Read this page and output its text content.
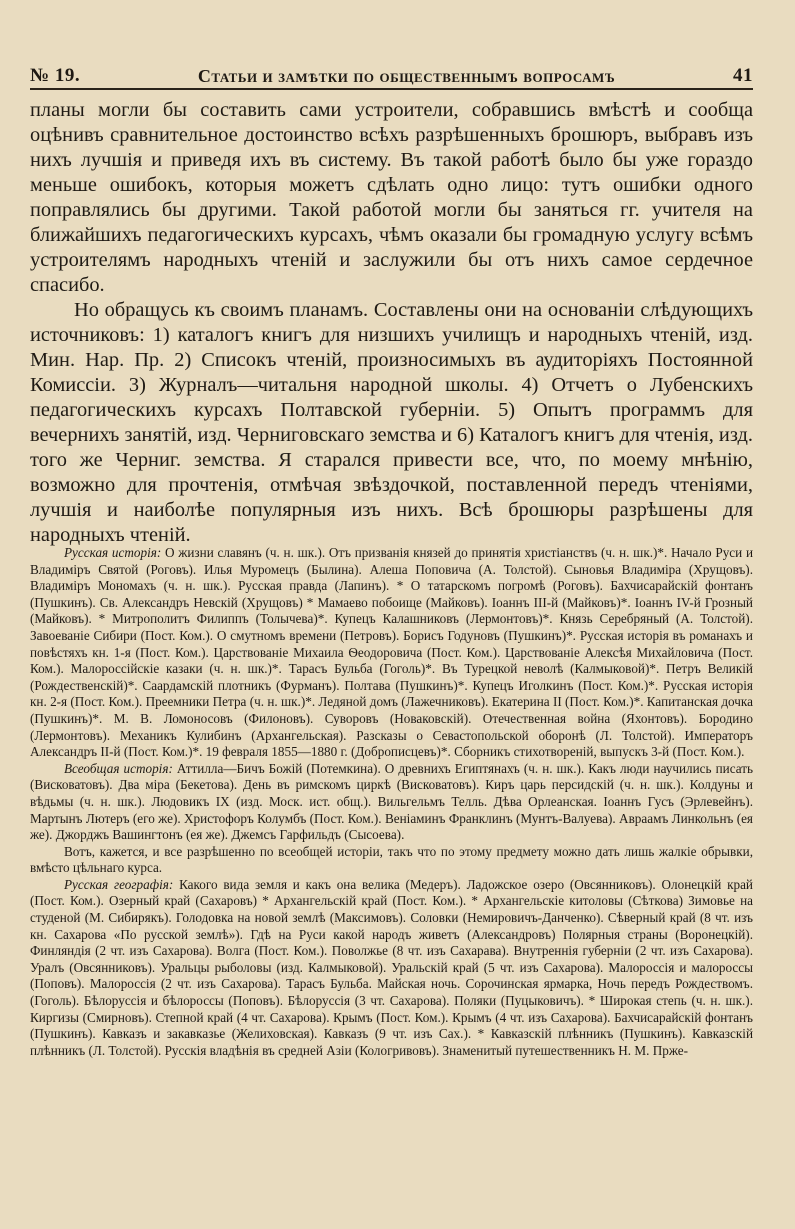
№ 19.	Статьи и замѣтки по общественнымъ вопросамъ	41

планы могли бы составить сами устроители, собравшись вмѣстѣ и сообща оцѣнивъ сравнительное достоинство всѣхъ разрѣшенныхъ брошюръ, выбравъ изъ нихъ лучшія и приведя ихъ въ систему. Въ такой работѣ было бы уже гораздо меньше ошибокъ, которыя можетъ сдѣлать одно лицо: тутъ ошибки одного поправлялись бы другими. Такой работой могли бы заняться гг. учителя на ближайшихъ педагогическихъ курсахъ, чѣмъ оказали бы громадную услугу всѣмъ устроителямъ народныхъ чтеній и заслужили бы отъ нихъ самое сердечное спасибо.

Но обращусь къ своимъ планамъ. Составлены они на основаніи слѣдующихъ источниковъ: 1) каталогъ книгъ для низшихъ училищъ и народныхъ чтеній, изд. Мин. Нар. Пр. 2) Списокъ чтеній, произносимыхъ въ аудиторіяхъ Постоянной Комиссіи. 3) Журналъ—читальня народной школы. 4) Отчетъ о Лубенскихъ педагогическихъ курсахъ Полтавской губерніи. 5) Опытъ программъ для вечернихъ занятій, изд. Черниговскаго земства и 6) Каталогъ книгъ для чтенія, изд. того же Черниг. земства. Я старался привести все, что, по моему мнѣнію, возможно для прочтенія, отмѣчая звѣздочкой, поставленной передъ чтеніями, лучшія и наиболѣе популярныя изъ нихъ. Всѣ брошюры разрѣшены для народныхъ чтеній.

Русская исторія: О жизни славянъ (ч. н. шк.). Отъ призванія князей до принятія христіанствъ (ч. н. шк.)*. Начало Руси и Владиміръ Святой (Роговъ). Илья Муромецъ (Былина). Алеша Поповича (А. Толстой). Сыновья Владиміра (Хрущовъ). Владиміръ Мономахъ (ч. н. шк.). Русская правда (Лапинъ). * О татарскомъ погромѣ (Роговъ). Бахчисарайскій фонтанъ (Пушкинъ). Св. Александръ Невскій (Хрущовъ) * Мамаево побоище (Майковъ). Іоаннъ ІІІ-й (Майковъ)*. Іоаннъ IV-й Грозный (Майковъ). * Митрополитъ Филиппъ (Толычева)*. Купецъ Калашниковъ (Лермонтовъ)*. Князь Серебряный (А. Толстой). Завоеваніе Сибири (Пост. Ком.). О смутномъ времени (Петровъ). Борисъ Годуновъ (Пушкинъ)*. Русская исторія въ романахъ и повѣстяхъ кн. 1-я (Пост. Ком.). Царствованіе Михаила Ѳеодоровича (Пост. Ком.). Царствованіе Алексѣя Михайловича (Пост. Ком.). Малороссійскіе казаки (ч. н. шк.)*. Тарасъ Бульба (Гоголь)*. Въ Турецкой неволѣ (Калмыковой)*. Петръ Великій (Рождественскій)*. Саардамскій плотникъ (Фурманъ). Полтава (Пушкинъ)*. Купецъ Иголкинъ (Пост. Ком.)*. Русская исторія кн. 2-я (Пост. Ком.). Преемники Петра (ч. н. шк.)*. Ледяной домъ (Лажечниковъ). Екатерина II (Пост. Ком.)*. Капитанская дочка (Пушкинъ)*. М. В. Ломоносовъ (Филоновъ). Суворовъ (Новаковскій). Отечественная война (Яхонтовъ). Бородино (Лермонтовъ). Механикъ Кулибинъ (Архангельская). Разсказы о Севастопольской оборонѣ (Л. Толстой). Императоръ Александръ II-й (Пост. Ком.)*. 19 февраля 1855—1880 г. (Доброписцевъ)*. Сборникъ стихотвореній, выпускъ 3-й (Пост. Ком.).

Всеобщая исторія: Аттилла—Бичъ Божій (Потемкина). О древнихъ Египтянахъ (ч. н. шк.). Какъ люди научились писать (Висковатовъ). Два міра (Бекетова). День въ римскомъ циркѣ (Висковатовъ). Киръ царь персидскій (ч. н. шк.). Колдуны и вѣдьмы (ч. н. шк.). Людовикъ IX (изд. Моск. ист. общ.). Вильгельмъ Телль. Дѣва Орлеанская. Іоаннъ Гусъ (Эрлевейнъ). Мартынъ Лютеръ (его же). Христофоръ Колумбъ (Пост. Ком.). Веніаминъ Франклинъ (Мунтъ-Валуева). Авраамъ Линкольнъ (ея же). Джорджъ Вашингтонъ (ея же). Джемсъ Гарфильдъ (Сысоева).

Вотъ, кажется, и все разрѣшенно по всеобщей исторіи, такъ что по этому предмету можно дать лишь жалкіе обрывки, вмѣсто цѣльнаго курса.

Русская географія: Какого вида земля и какъ она велика (Медеръ). Ладожское озеро (Овсянниковъ). Олонецкій край (Пост. Ком.). Озерный край (Сахаровъ) * Архангельскій край (Пост. Ком.). * Архангельскіе китоловы (Сѣткова) Зимовье на студеной (М. Сибирякъ). Голодовка на новой землѣ (Максимовъ). Соловки (Немировичъ-Данченко). Сѣверный край (8 чт. изъ кн. Сахарова «По русской землѣ»). Гдѣ на Руси какой народъ живетъ (Александровъ) Полярныя страны (Воронецкій). Финляндія (2 чт. изъ Сахарова). Волга (Пост. Ком.). Поволжье (8 чт. изъ Сахарава). Внутреннія губерніи (2 чт. изъ Сахарова). Уралъ (Овсянниковъ). Уральцы рыболовы (изд. Калмыковой). Уральскій край (5 чт. изъ Сахарова). Малороссія и малороссы (Поповъ). Малороссія (2 чт. изъ Сахарова). Тарасъ Бульба. Майская ночь. Сорочинская ярмарка, Ночь передъ Рождествомъ. (Гоголь). Бѣлоруссія и бѣлороссы (Поповъ). Бѣлоруссія (3 чт. Сахарова). Поляки (Пуцыковичъ). * Широкая степь (ч. н. шк.). Киргизы (Смирновъ). Степной край (4 чт. Сахарова). Крымъ (Пост. Ком.). Крымъ (4 чт. изъ Сахарова). Бахчисарайскій фонтанъ (Пушкинъ). Кавказъ и закавказье (Желиховская). Кавказъ (9 чт. изъ Сах.). * Кавказскій плѣнникъ (Пушкинъ). Кавказскій плѣнникъ (Л. Толстой). Русскія владѣнія въ средней Азіи (Кологривовъ). Знаменитый путешественникъ Н. М. Прже-
